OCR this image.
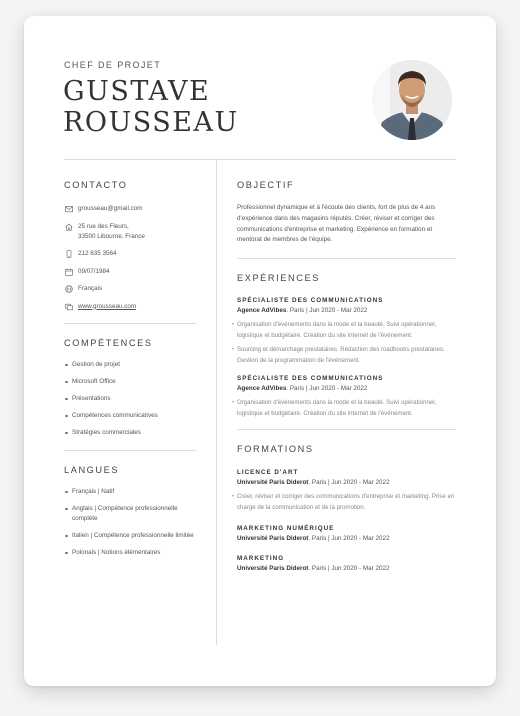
CHEF DE PROJET
GUSTAVE
ROUSSEAU
CONTACTO
grousseau@gmail.com
25 rue des Fleurs,
33500 Libourne, France
212 635 3564
09/07/1984
Français
www.grousseau.com
COMPÉTENCES
Gestion de projet
Microsoft Office
Présentations
Compétences communicatives
Stratégies commerciales
LANGUES
Français | Natif
Anglais | Compétence professionnelle complète
Italien | Compétence professionnelle limitée
Polonais | Notions élémentaires
OBJECTIF
Professionnel dynamique et à l'écoute des clients, fort de plus de 4 ans d'expérience dans des magasins réputés. Créer, réviser et corriger des communications d'entreprise et marketing. Expérience en formation et mentorat de membres de l'équipe.
EXPÉRIENCES
SPÉCIALISTE DES COMMUNICATIONS
Agence AdVibes. Paris | Jun 2020 - Mar 2022
• Organisation d'événements dans la mode et la beauté. Suivi opérationnel, logistique et budgétaire. Création du site internet de l'événement.
• Sourcing et démarchage prestataires. Rédaction des roadbooks prestataires. Gestion de la programmation de l'événement.
SPÉCIALISTE DES COMMUNICATIONS
Agence AdVibes. Paris | Jun 2020 - Mar 2022
• Organisation d'événements dans la mode et la beauté. Suivi opérationnel, logistique et budgétaire. Création du site internet de l'événement.
FORMATIONS
LICENCE D'ART
Université Paris Diderot. Paris | Jun 2020 - Mar 2022
• Créer, réviser et corriger des communications d'entreprise et marketing. Prise en charge de la communication et de la promotion.
MARKETING NUMÉRIQUE
Université Paris Diderot. Paris | Jun 2020 - Mar 2022
MARKETING
Université Paris Diderot. Paris | Jun 2020 - Mar 2022
